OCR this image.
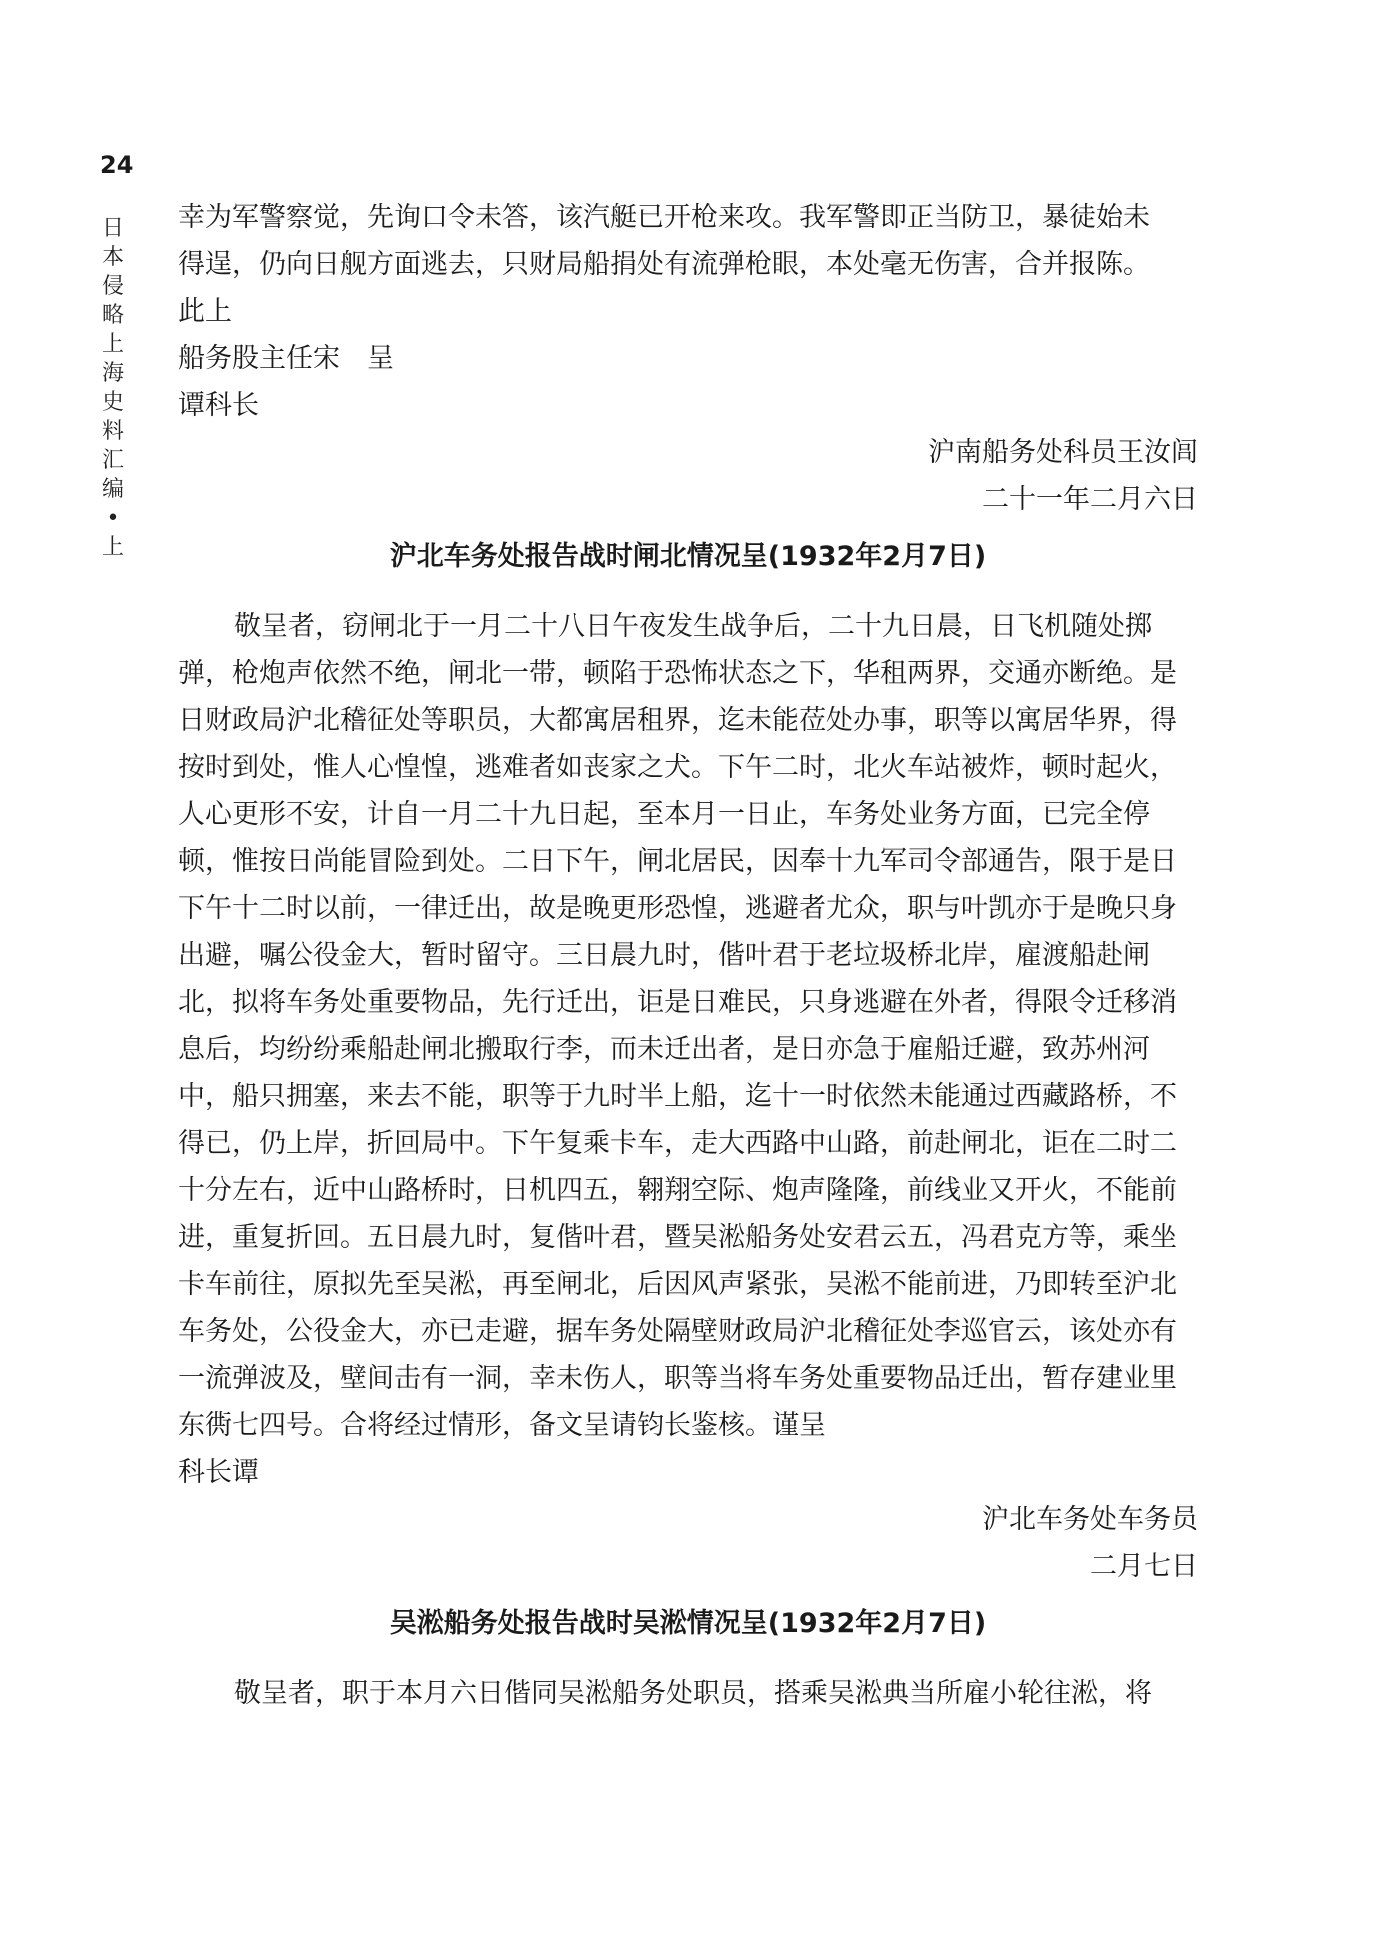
24
日本侵略上海史料汇编•上
幸为军警察觉，先询口令未答，该汽艇已开枪来攻。我军警即正当防卫，暴徒始未
得逞，仍向日舰方面逃去，只财局船捐处有流弹枪眼，本处毫无伤害，合并报陈。
此上
船务股主任宋　呈
谭科长
沪南船务处科员王汝闾
二十一年二月六日
沪北车务处报告战时闸北情况呈(1932年2月7日)
敬呈者，窃闸北于一月二十八日午夜发生战争后，二十九日晨，日飞机随处掷
弹，枪炮声依然不绝，闸北一带，顿陷于恐怖状态之下，华租两界，交通亦断绝。是
日财政局沪北稽征处等职员，大都寓居租界，迄未能莅处办事，职等以寓居华界，得
按时到处，惟人心惶惶，逃难者如丧家之犬。下午二时，北火车站被炸，顿时起火，
人心更形不安，计自一月二十九日起，至本月一日止，车务处业务方面，已完全停
顿，惟按日尚能冒险到处。二日下午，闸北居民，因奉十九军司令部通告，限于是日
下午十二时以前，一律迁出，故是晚更形恐惶，逃避者尤众，职与叶凯亦于是晚只身
出避，嘱公役金大，暂时留守。三日晨九时，偕叶君于老垃圾桥北岸，雇渡船赴闸
北，拟将车务处重要物品，先行迁出，讵是日难民，只身逃避在外者，得限令迁移消
息后，均纷纷乘船赴闸北搬取行李，而未迁出者，是日亦急于雇船迁避，致苏州河
中，船只拥塞，来去不能，职等于九时半上船，迄十一时依然未能通过西藏路桥，不
得已，仍上岸，折回局中。下午复乘卡车，走大西路中山路，前赴闸北，讵在二时二
十分左右，近中山路桥时，日机四五，翱翔空际、炮声隆隆，前线业又开火，不能前
进，重复折回。五日晨九时，复偕叶君，暨吴淞船务处安君云五，冯君克方等，乘坐
卡车前往，原拟先至吴淞，再至闸北，后因风声紧张，吴淞不能前进，乃即转至沪北
车务处，公役金大，亦已走避，据车务处隔壁财政局沪北稽征处李巡官云，该处亦有
一流弹波及，壁间击有一洞，幸未伤人，职等当将车务处重要物品迁出，暂存建业里
东衖七四号。合将经过情形，备文呈请钧长鉴核。谨呈
科长谭
沪北车务处车务员
二月七日
吴淞船务处报告战时吴淞情况呈(1932年2月7日)
敬呈者，职于本月六日偕同吴淞船务处职员，搭乘吴淞典当所雇小轮往淞，将
